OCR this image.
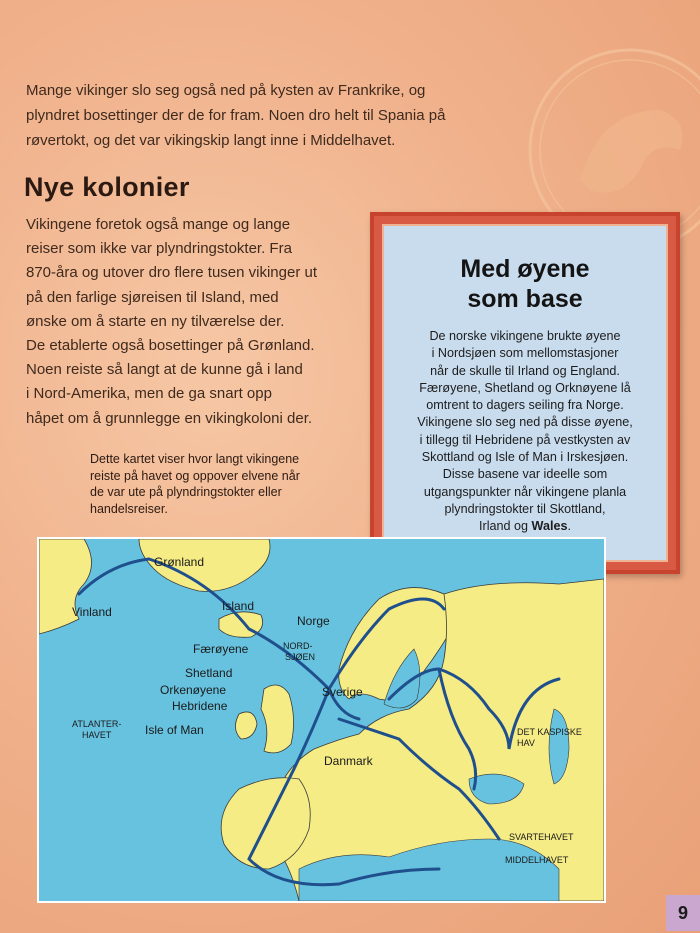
Mange vikinger slo seg også ned på kysten av Frankrike, og
plyndret bosettinger der de for fram. Noen dro helt til Spania på
røvertokt, og det var vikingskip langt inne i Middelhavet.
Nye kolonier
Vikingene foretok også mange og lange
reiser som ikke var plyndringstokter. Fra
870-åra og utover dro flere tusen vikinger ut
på den farlige sjøreisen til Island, med
ønske om å starte en ny tilværelse der.
De etablerte også bosettinger på Grønland.
Noen reiste så langt at de kunne gå i land
i Nord-Amerika, men de ga snart opp
håpet om å grunnlegge en vikingkoloni der.
Dette kartet viser hvor langt vikingene
reiste på havet og oppover elvene når
de var ute på plyndringstokter eller
handelsreiser.
Med øyene
som base
De norske vikingene brukte øyene
i Nordsjøen som mellomstasjoner
når de skulle til Irland og England.
Færøyene, Shetland og Orknøyene lå
omtrent to dagers seiling fra Norge.
Vikingene slo seg ned på disse øyene,
i tillegg til Hebridene på vestkysten av
Skottland og Isle of Man i Irskesjøen.
Disse basene var ideelle som
utgangspunkter når vikingene planla
plyndringstokter til Skottland,
Irland og Wales.
Grønland
Vinland	Island
Norge
NORD-
SJØEN
Færøyene
Shetland
Orkenøyene
Hebridene
ATLANTER-
HAVET	Isle of Man
Sverige
Danmark
DET KASPISKE
HAV
SVARTEHAVET
MIDDELHAVET
9
